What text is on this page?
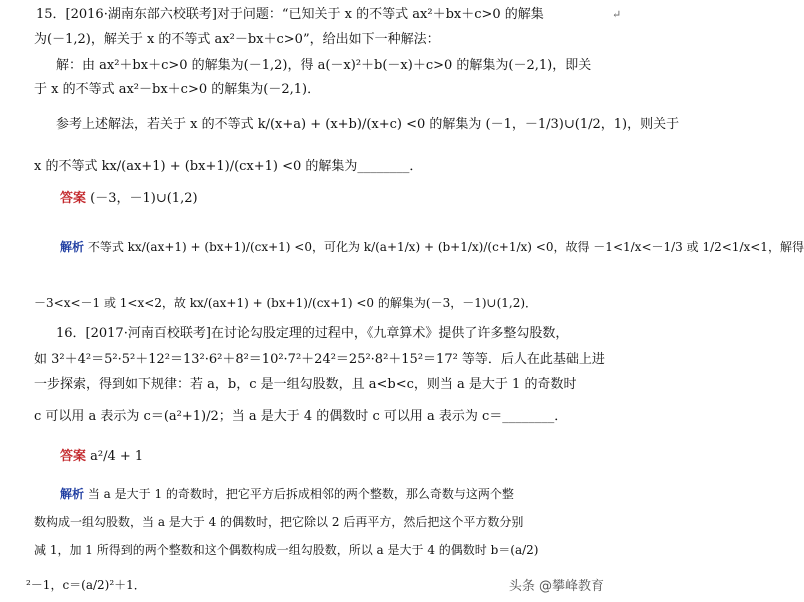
15．[2016·湖南东部六校联考]对于问题：“已知关于 x 的不等式 ax²＋bx＋c>0 的解集
为(－1,2)，解关于 x 的不等式 ax²－bx＋c>0”，给出如下一种解法：
解：由 ax²＋bx＋c>0 的解集为(－1,2)，得 a(－x)²＋b(－x)＋c>0 的解集为(－2,1)，即关
于 x 的不等式 ax²－bx＋c>0 的解集为(－2,1)．
参考上述解法，若关于 x 的不等式 k/(x+a) + (x+b)/(x+c) <0 的解集为 (－1，－1/3)∪(1/2，1)，则关于
x 的不等式 kx/(ax+1) + (bx+1)/(cx+1) <0 的解集为________．
答案 (－3，－1)∪(1,2)
解析 不等式 kx/(ax+1) + (bx+1)/(cx+1) <0，可化为 k/(a+1/x) + (b+1/x)/(c+1/x) <0，故得 －1<1/x<－1/3 或 1/2<1/x<1，解得
－3<x<－1 或 1<x<2，故 kx/(ax+1) + (bx+1)/(cx+1) <0 的解集为(－3，－1)∪(1,2)．
16．[2017·河南百校联考]在讨论勾股定理的过程中，《九章算术》提供了许多整勾股数，
如 3²＋4²＝5²·5²＋12²＝13²·6²＋8²＝10²·7²＋24²＝25²·8²＋15²＝17² 等等．后人在此基础上进
一步探索，得到如下规律：若 a，b，c 是一组勾股数，且 a<b<c，则当 a 是大于 1 的奇数时
c 可以用 a 表示为 c＝(a²+1)/2；当 a 是大于 4 的偶数时 c 可以用 a 表示为 c＝________．
答案 a²/4 + 1
解析 当 a 是大于 1 的奇数时，把它平方后拆成相邻的两个整数，那么奇数与这两个整
数构成一组勾股数，当 a 是大于 4 的偶数时，把它除以 2 后再平方，然后把这个平方数分别
减 1，加 1 所得到的两个整数和这个偶数构成一组勾股数，所以 a 是大于 4 的偶数时 b＝(a/2)
²－1，c＝(a/2)²＋1．
↵
头条 @攀峰教育
